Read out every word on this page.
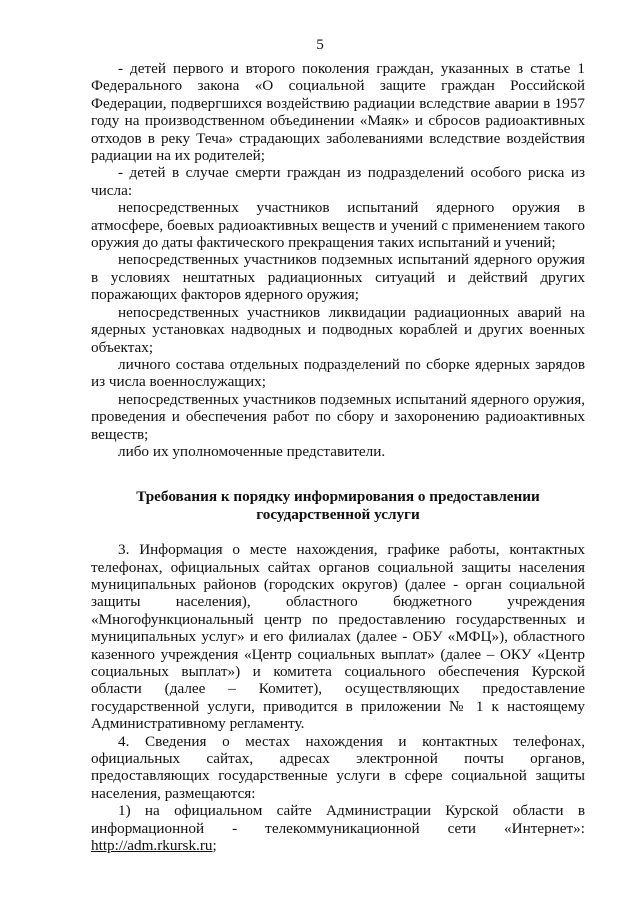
5

- детей первого и второго поколения граждан, указанных в статье 1 Федерального закона «О социальной защите граждан Российской Федерации, подвергшихся воздействию радиации вследствие аварии в 1957 году на производственном объединении «Маяк» и сбросов радиоактивных отходов в реку Теча» страдающих заболеваниями вследствие воздействия радиации на их родителей;

- детей в случае смерти граждан из подразделений особого риска из числа:

непосредственных участников испытаний ядерного оружия в атмосфере, боевых радиоактивных веществ и учений с применением такого оружия до даты фактического прекращения таких испытаний и учений;

непосредственных участников подземных испытаний ядерного оружия в условиях нештатных радиационных ситуаций и действий других поражающих факторов ядерного оружия;

непосредственных участников ликвидации радиационных аварий на ядерных установках надводных и подводных кораблей и других военных объектах;

личного состава отдельных подразделений по сборке ядерных зарядов из числа военнослужащих;

непосредственных участников подземных испытаний ядерного оружия, проведения и обеспечения работ по сбору и захоронению радиоактивных веществ;

либо их уполномоченные представители.

Требования к порядку информирования о предоставлении
государственной услуги

3. Информация о месте нахождения, графике работы, контактных телефонах, официальных сайтах органов социальной защиты населения муниципальных районов (городских округов) (далее - орган социальной защиты населения), областного бюджетного учреждения «Многофункциональный центр по предоставлению государственных и муниципальных услуг» и его филиалах (далее - ОБУ «МФЦ»), областного казенного учреждения «Центр социальных выплат» (далее – ОКУ «Центр социальных выплат») и комитета социального обеспечения Курской области (далее – Комитет), осуществляющих предоставление государственной услуги, приводится в приложении № 1 к настоящему Административному регламенту.

4. Сведения о местах нахождения и контактных телефонах, официальных сайтах, адресах электронной почты органов, предоставляющих государственные услуги в сфере социальной защиты населения, размещаются:

1) на официальном сайте Администрации Курской области в информационной - телекоммуникационной сети «Интернет»: http://adm.rkursk.ru;
